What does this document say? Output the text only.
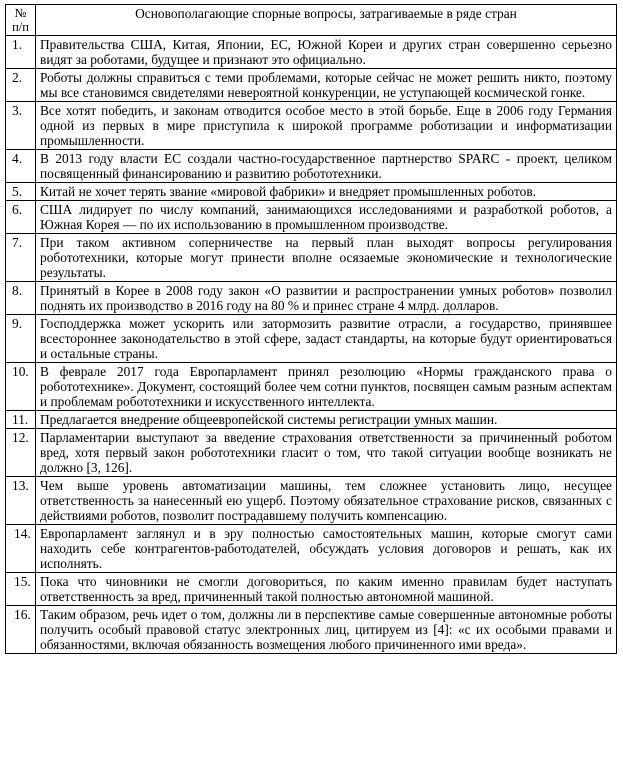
№
п/п	Основополагающие спорные вопросы, затрагиваемые в ряде стран
1.	Правительства США, Китая, Японии, ЕС, Южной Кореи и других стран совершенно серьезно видят за роботами, будущее и признают это официально.
2.	Роботы должны справиться с теми проблемами, которые сейчас не может решить никто, поэтому мы все становимся свидетелями невероятной конкуренции, не уступающей космической гонке.
3.	Все хотят победить, и законам отводится особое место в этой борьбе. Еще в 2006 году Германия одной из первых в мире приступила к широкой программе роботизации и информатизации промышленности.
4.	В 2013 году власти ЕС создали частно-государственное партнерство SPARC - проект, целиком посвященный финансированию и развитию робототехники.
5.	Китай не хочет терять звание «мировой фабрики» и внедряет промышленных роботов.
6.	США лидирует по числу компаний, занимающихся исследованиями и разработкой роботов, а Южная Корея — по их использованию в промышленном производстве.
7.	При таком активном соперничестве на первый план выходят вопросы регулирования робототехники, которые могут принести вполне осязаемые экономические и технологические результаты.
8.	Принятый в Корее в 2008 году закон «О развитии и распространении умных роботов» позволил поднять их производство в 2016 году на 80 % и принес стране 4 млрд. долларов.
9.	Господдержка может ускорить или затормозить развитие отрасли, а государство, принявшее всестороннее законодательство в этой сфере, задаст стандарты, на которые будут ориентироваться и остальные страны.
10.	В феврале 2017 года Европарламент принял резолюцию «Нормы гражданского права о робототехнике». Документ, состоящий более чем сотни пунктов, посвящен самым разным аспектам и проблемам робототехники и искусственного интеллекта.
11.	Предлагается внедрение общеевропейской системы регистрации умных машин.
12.	Парламентарии выступают за введение страхования ответственности за причиненный роботом вред, хотя первый закон робототехники гласит о том, что такой ситуации вообще возникать не должно [3, 126].
13.	Чем выше уровень автоматизации машины, тем сложнее установить лицо, несущее ответственность за нанесенный ею ущерб. Поэтому обязательное страхование рисков, связанных с действиями роботов, позволит пострадавшему получить компенсацию.
14.	Европарламент заглянул и в эру полностью самостоятельных машин, которые смогут сами находить себе контрагентов-работодателей, обсуждать условия договоров и решать, как их исполнять.
15.	Пока что чиновники не смогли договориться, по каким именно правилам будет наступать ответственность за вред, причиненный такой полностью автономной машиной.
16.	Таким образом, речь идет о том, должны ли в перспективе самые совершенные автономные роботы получить особый правовой статус электронных лиц, цитируем из [4]: «с их особыми правами и обязанностями, включая обязанность возмещения любого причиненного ими вреда».
